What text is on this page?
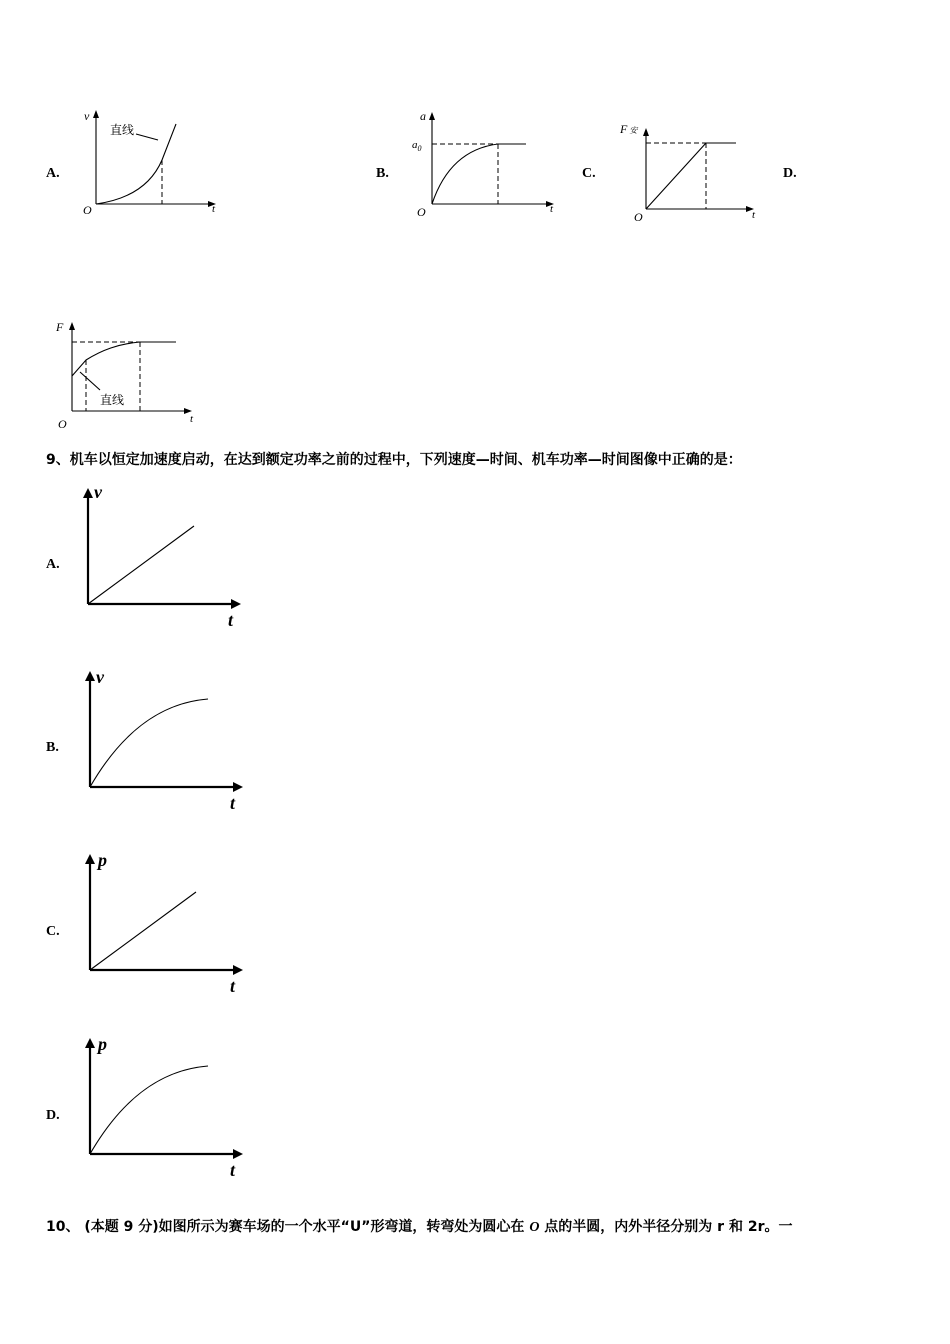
A.
v
O	t
直线
B.
a
$a_0$
O	t
C.
F安
O	t
D.
F
O	t
直线
9、机车以恒定加速度启动，在达到额定功率之前的过程中，下列速度—时间、机车功率—时间图像中正确的是：
A.
v
t
B.
v
t
C.
p
t
D.
p
t
10、 (本题 9 分)如图所示为赛车场的一个水平“U”形弯道，转弯处为圆心在 O 点的半圆，内外半径分别为 r 和 2r。一
